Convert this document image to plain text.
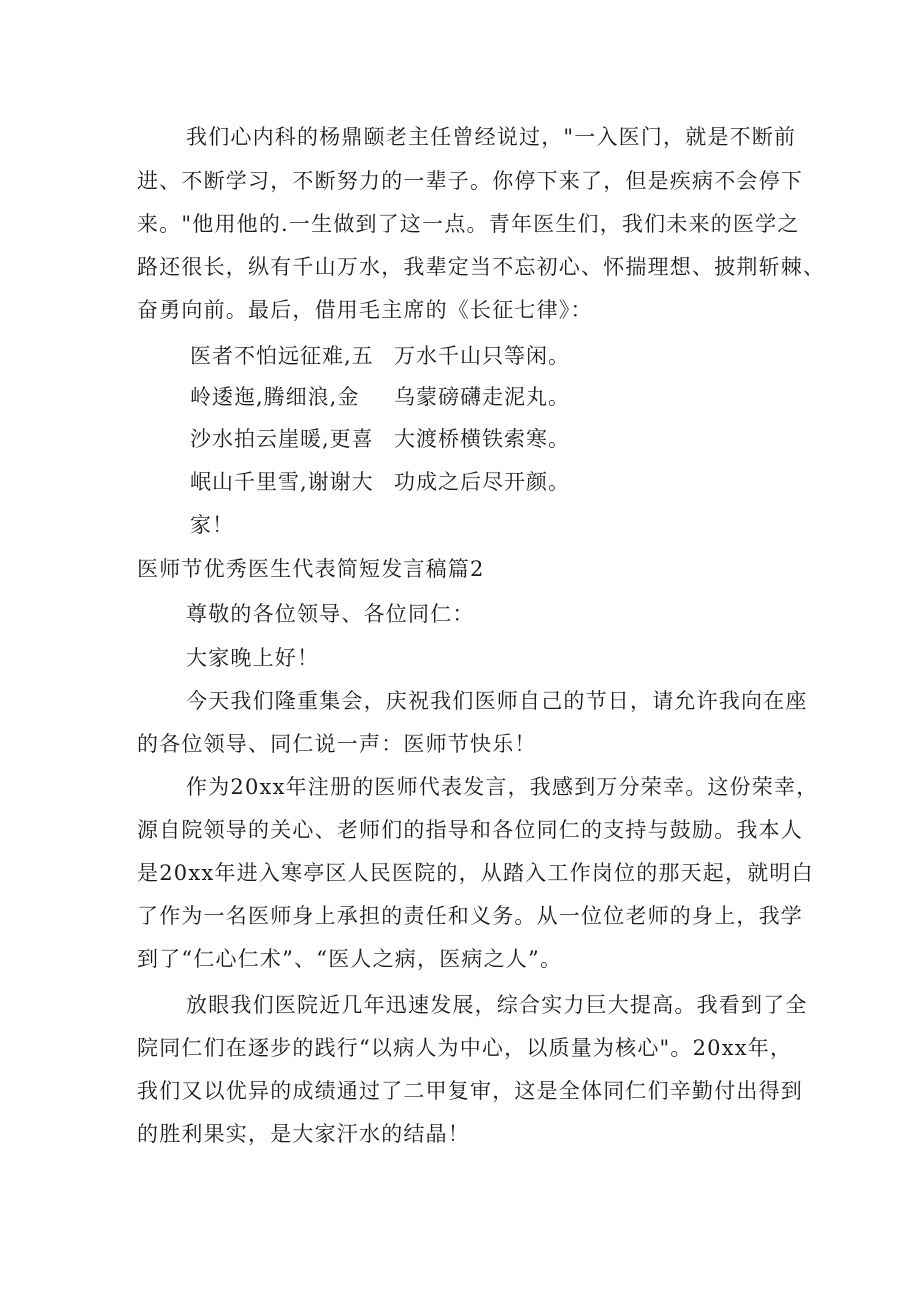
我们心内科的杨鼎颐老主任曾经说过，"一入医门，就是不断前
进、不断学习，不断努力的一辈子。你停下来了，但是疾病不会停下
来。"他用他的.一生做到了这一点。青年医生们，我们未来的医学之
路还很长，纵有千山万水，我辈定当不忘初心、怀揣理想、披荆斩棘、
奋勇向前。最后，借用毛主席的《长征七律》：
医者不怕远征难,五 万水千山只等闲。
岭逶迤,腾细浪,金 乌蒙磅礴走泥丸。
沙水拍云崖暖,更喜 大渡桥横铁索寒。
岷山千里雪,谢谢大 功成之后尽开颜。
家！
医师节优秀医生代表简短发言稿篇2
尊敬的各位领导、各位同仁：
大家晚上好！
今天我们隆重集会，庆祝我们医师自己的节日，请允许我向在座
的各位领导、同仁说一声：医师节快乐！
作为20xx年注册的医师代表发言，我感到万分荣幸。这份荣幸，
源自院领导的关心、老师们的指导和各位同仁的支持与鼓励。我本人
是20xx年进入寒亭区人民医院的，从踏入工作岗位的那天起，就明白
了作为一名医师身上承担的责任和义务。从一位位老师的身上，我学
到了“仁心仁术”、“医人之病，医病之人”。
放眼我们医院近几年迅速发展，综合实力巨大提高。我看到了全
院同仁们在逐步的践行“以病人为中心，以质量为核心"。20xx年，
我们又以优异的成绩通过了二甲复审，这是全体同仁们辛勤付出得到
的胜利果实，是大家汗水的结晶！
